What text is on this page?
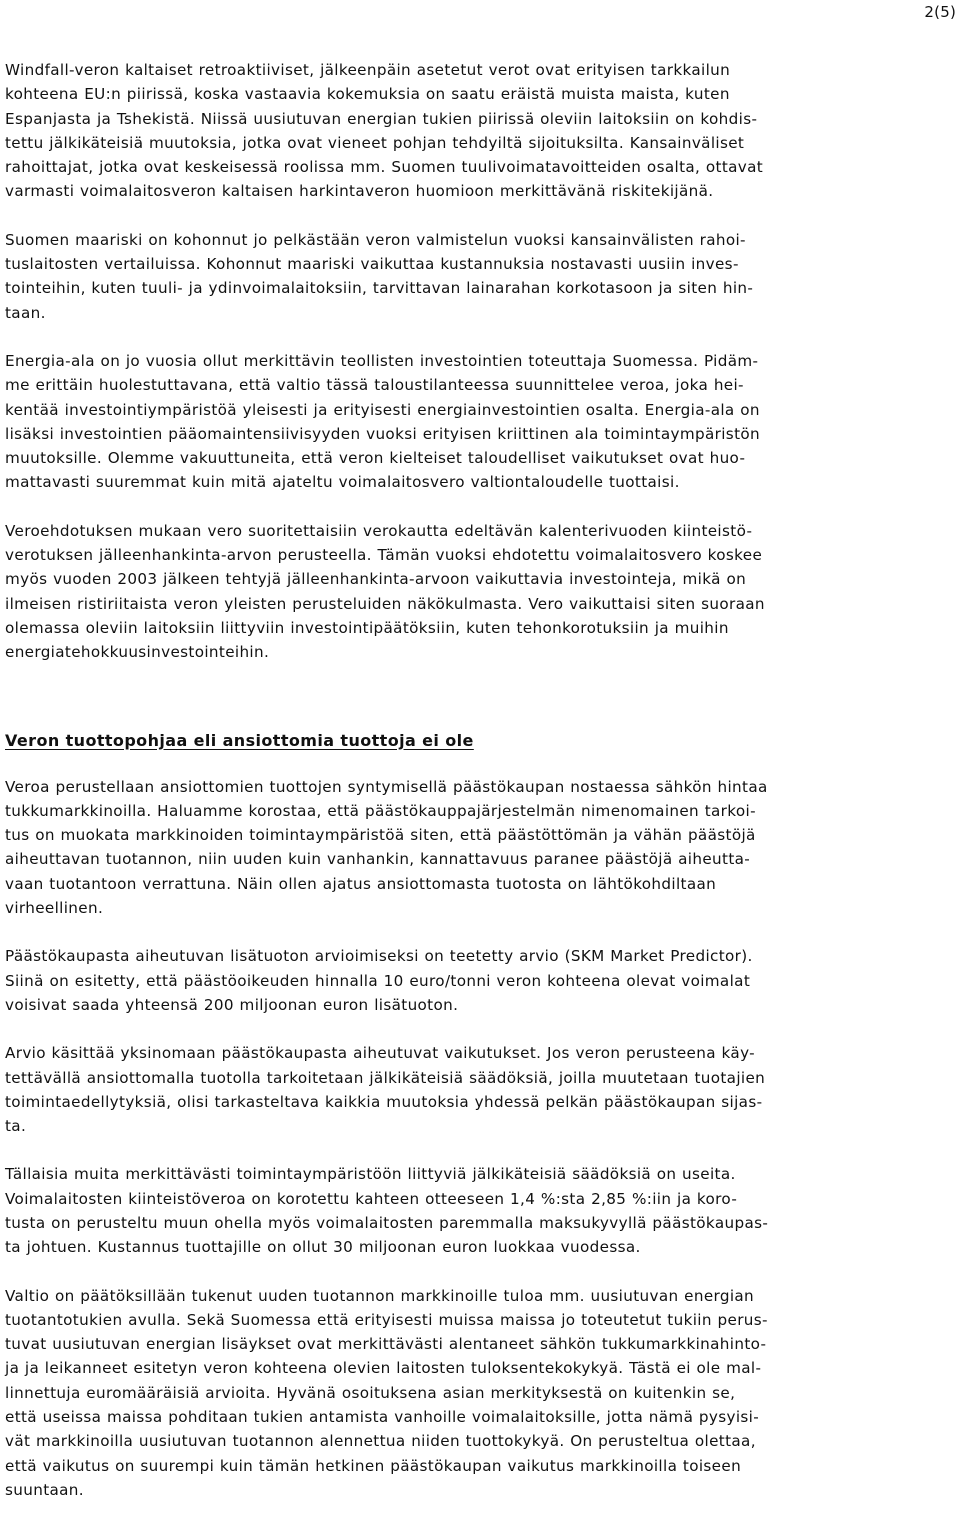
2(5)

Windfall-veron kaltaiset retroaktiiviset, jälkeenpäin asetetut verot ovat erityisen tarkkailun
kohteena EU:n piirissä, koska vastaavia kokemuksia on saatu eräistä muista maista, kuten
Espanjasta ja Tshekistä. Niissä uusiutuvan energian tukien piirissä oleviin laitoksiin on kohdis-
tettu jälkikäteisiä muutoksia, jotka ovat vieneet pohjan tehdyiltä sijoituksilta. Kansainväliset
rahoittajat, jotka ovat keskeisessä roolissa mm. Suomen tuulivoimatavoitteiden osalta, ottavat
varmasti voimalaitosveron kaltaisen harkintaveron huomioon merkittävänä riskitekijänä.

Suomen maariski on kohonnut jo pelkästään veron valmistelun vuoksi kansainvälisten rahoi-
tuslaitosten vertailuissa. Kohonnut maariski vaikuttaa kustannuksia nostavasti uusiin inves-
tointeihin, kuten tuuli- ja ydinvoimalaitoksiin, tarvittavan lainarahan korkotasoon ja siten hin-
taan.

Energia-ala on jo vuosia ollut merkittävin teollisten investointien toteuttaja Suomessa. Pidäm-
me erittäin huolestuttavana, että valtio tässä taloustilanteessa suunnittelee veroa, joka hei-
kentää investointiympäristöä yleisesti ja erityisesti energiainvestointien osalta. Energia-ala on
lisäksi investointien pääomaintensiivisyyden vuoksi erityisen kriittinen ala toimintaympäristön
muutoksille. Olemme vakuuttuneita, että veron kielteiset taloudelliset vaikutukset ovat huo-
mattavasti suuremmat kuin mitä ajateltu voimalaitosvero valtiontaloudelle tuottaisi.

Veroehdotuksen mukaan vero suoritettaisiin verokautta edeltävän kalenterivuoden kiinteistö-
verotuksen jälleenhankinta-arvon perusteella. Tämän vuoksi ehdotettu voimalaitosvero koskee
myös vuoden 2003 jälkeen tehtyjä jälleenhankinta-arvoon vaikuttavia investointeja, mikä on
ilmeisen ristiriitaista veron yleisten perusteluiden näkökulmasta. Vero vaikuttaisi siten suoraan
olemassa oleviin laitoksiin liittyviin investointipäätöksiin, kuten tehonkorotuksiin ja muihin
energiatehokkuusinvestointeihin.

Veron tuottopohjaa eli ansiottomia tuottoja ei ole

Veroa perustellaan ansiottomien tuottojen syntymisellä päästökaupan nostaessa sähkön hintaa
tukkumarkkinoilla. Haluamme korostaa, että päästökauppajärjestelmän nimenomainen tarkoi-
tus on muokata markkinoiden toimintaympäristöä siten, että päästöttömän ja vähän päästöjä
aiheuttavan tuotannon, niin uuden kuin vanhankin, kannattavuus paranee päästöjä aiheutta-
vaan tuotantoon verrattuna. Näin ollen ajatus ansiottomasta tuotosta on lähtökohdiltaan
virheellinen.

Päästökaupasta aiheutuvan lisätuoton arvioimiseksi on teetetty arvio (SKM Market Predictor).
Siinä on esitetty, että päästöoikeuden hinnalla 10 euro/tonni veron kohteena olevat voimalat
voisivat saada yhteensä 200 miljoonan euron lisätuoton.

Arvio käsittää yksinomaan päästökaupasta aiheutuvat vaikutukset. Jos veron perusteena käy-
tettävällä ansiottomalla tuotolla tarkoitetaan jälkikäteisiä säädöksiä, joilla muutetaan tuotajien
toimintaedellytyksiä, olisi tarkasteltava kaikkia muutoksia yhdessä pelkän päästökaupan sijas-
ta.

Tällaisia muita merkittävästi toimintaympäristöön liittyviä jälkikäteisiä säädöksiä on useita.
Voimalaitosten kiinteistöveroa on korotettu kahteen otteeseen 1,4 %:sta 2,85 %:iin ja koro-
tusta on perusteltu muun ohella myös voimalaitosten paremmalla maksukyvyllä päästökaupas-
ta johtuen. Kustannus tuottajille on ollut 30 miljoonan euron luokkaa vuodessa.

Valtio on päätöksillään tukenut uuden tuotannon markkinoille tuloa mm. uusiutuvan energian
tuotantotukien avulla. Sekä Suomessa että erityisesti muissa maissa jo toteutetut tukiin perus-
tuvat uusiutuvan energian lisäykset ovat merkittävästi alentaneet sähkön tukkumarkkinahinto-
ja ja leikanneet esitetyn veron kohteena olevien laitosten tuloksentekokykyä. Tästä ei ole mal-
linnettuja euromääräisiä arvioita. Hyvänä osoituksena asian merkityksestä on kuitenkin se,
että useissa maissa pohditaan tukien antamista vanhoille voimalaitoksille, jotta nämä pysyisi-
vät markkinoilla uusiutuvan tuotannon alennettua niiden tuottokykyä. On perusteltua olettaa,
että vaikutus on suurempi kuin tämän hetkinen päästökaupan vaikutus markkinoilla toiseen
suuntaan.
